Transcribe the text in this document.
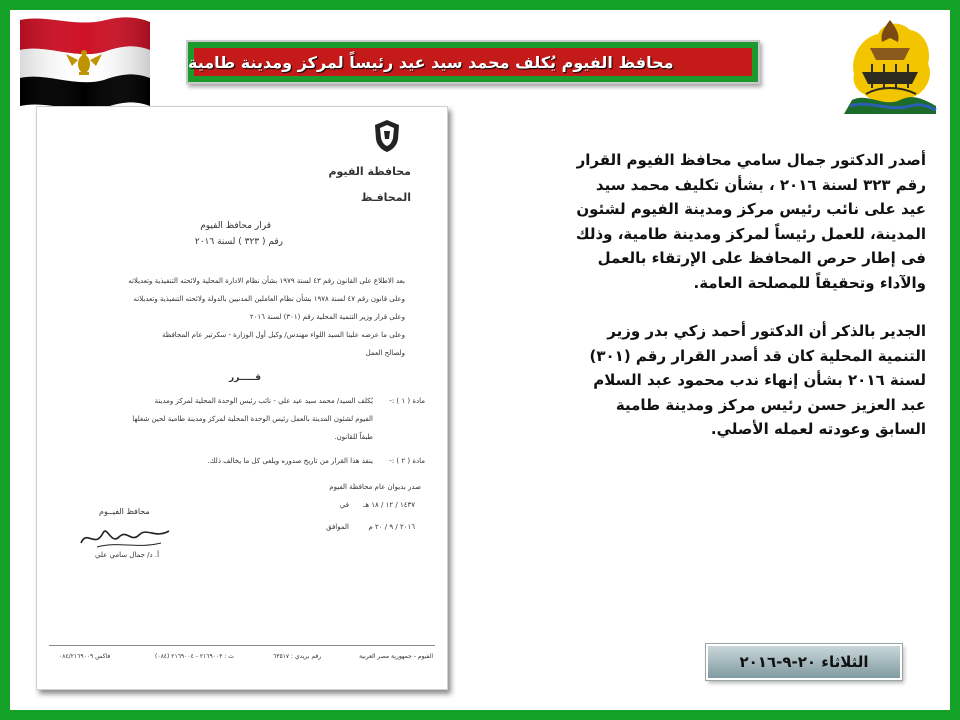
محافظ الفيوم يُكلف محمد سيد عيد رئيساً لمركز ومدينة طامية
محافظة الفيوم
المحافـظ
قرار محافظ الفيوم
رقم ( ٣٢٣ ) لسنة ٢٠١٦
بعد الاطلاع على القانون رقم ٤٣ لسنة ١٩٧٩ بشأن نظام الادارة المحلية ولائحته التنفيذية وتعديلاته
وعلى قانون رقم ٤٧ لسنة ١٩٧٨ بشأن نظام العاملين المدنيين بالدولة ولائحته التنفيذية وتعديلاته
وعلى قرار وزير التنمية المحلية رقم (٣٠١) لسنة ٢٠١٦
وعلى ما عرضه علينا السيد اللواء مهندس/ وكيل أول الوزارة - سكرتير عام المحافظة
ولصالح العمل
قـــــرر
مادة ( ١ ) :-
يُكلف السيد/ محمد سيد عيد علي - نائب رئيس الوحدة المحلية لمركز ومدينة
الفيوم لشئون المدينة بالعمل رئيس الوحدة المحلية لمركز ومدينة طامية لحين شغلها
طبقاً للقانون.
مادة ( ٢ ) :-
ينفذ هذا القرار من تاريخ صدوره ويلغى كل ما يخالف ذلك.
صدر بديوان عام محافظة الفيوم
في ١٤٣٧ / ١٢ / ١٨ هـ
الموافق	٢٠١٦ / ٩ / ٢٠ م
محافظ الفيــوم
أ. د/ جمال سامي علي
فاكس ٠٨٤/٢١٦٩٠٠٩	ت : ٢١٦٩٠٠٣ - ٢١٦٩٠٠٤ (٠٨٤)	رقم بريدي : ٦٣٥١٧	الفيوم - جمهورية مصر العربية

أصدر الدكتور جمال سامي محافظ الفيوم القرار رقم ٣٢٣ لسنة ٢٠١٦ ، بشأن تكليف محمد سيد عيد على نائب رئيس مركز ومدينة الفيوم لشئون المدينة، للعمل رئيساً لمركز ومدينة طامية، وذلك فى إطار حرص المحافظ على الإرتقاء بالعمل والآداء وتحقيقاً للمصلحة العامة.

الجدير بالذكر أن الدكتور أحمد زكي بدر وزير التنمية المحلية كان قد أصدر القرار رقم (٣٠١) لسنة ٢٠١٦ بشأن إنهاء ندب محمود عبد السلام عبد العزيز حسن رئيس مركز ومدينة طامية السابق وعودته لعمله الأصلي.

الثلاثاء ٢٠-٩-٢٠١٦
